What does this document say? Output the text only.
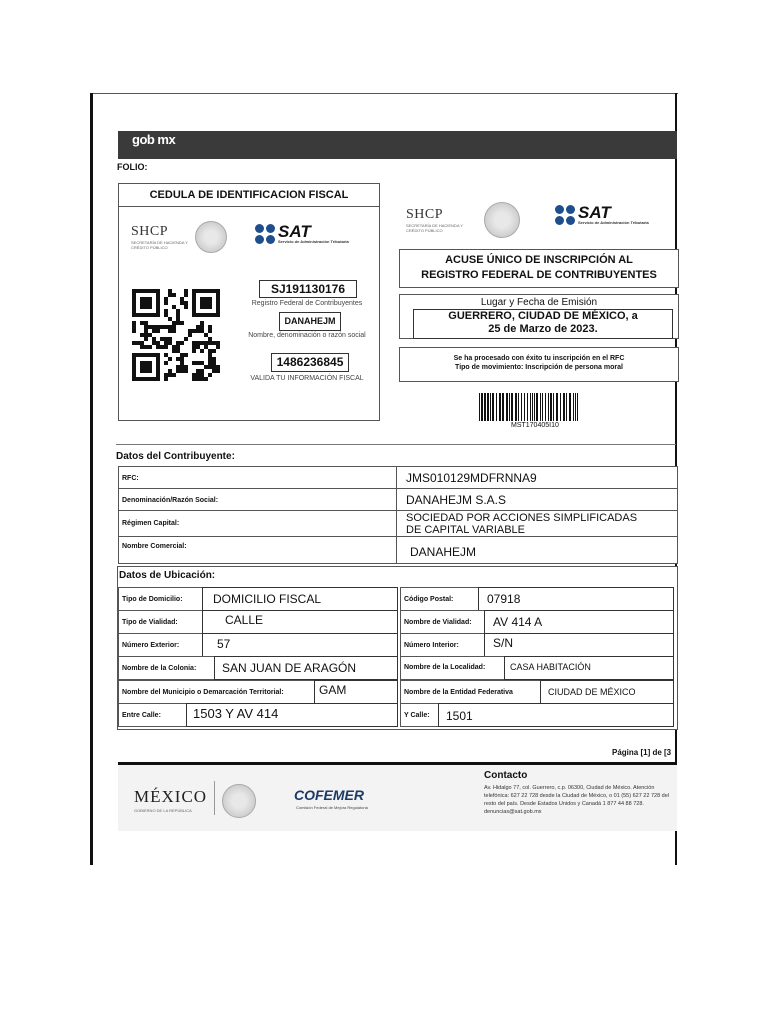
gob mx
FOLIO:
CEDULA DE IDENTIFICACION FISCAL
SHCP
SECRETARÍA DE HACIENDA Y CRÉDITO PÚBLICO
SAT
Servicio de Administración Tributaria
SJ191130176
Registro Federal de Contribuyentes
DANAHEJM
Nombre, denominación o razón social
1486236845
VALIDA TU INFORMACIÓN FISCAL
SHCP
SECRETARÍA DE HACIENDA Y CRÉDITO PÚBLICO
SAT
Servicio de Administración Tributaria
ACUSE ÚNICO DE INSCRIPCIÓN AL
REGISTRO FEDERAL DE CONTRIBUYENTES
Lugar y Fecha de Emisión
GUERRERO, CIUDAD DE MÉXICO, a
25 de Marzo de 2023.
Se ha procesado con éxito tu inscripción en el RFC
Tipo de movimiento: Inscripción de persona moral
MST170405I10
Datos del Contribuyente:
RFC:	JMS010129MDFRNNA9
Denominación/Razón Social:	DANAHEJM S.A.S
Régimen Capital:	SOCIEDAD POR ACCIONES SIMPLIFICADAS
DE CAPITAL VARIABLE
Nombre Comercial:	DANAHEJM
Datos de Ubicación:
Tipo de Domicilio:	DOMICILIO FISCAL	Código Postal:	07918
Tipo de Vialidad:	CALLE	Nombre de Vialidad: AV 414 A
Número Exterior:	57	Número Interior:	S/N
Nombre de la Colonia: SAN JUAN DE ARAGÓN	Nombre de la Localidad:	CASA HABITACIÓN
Nombre del Municipio o Demarcación Territorial:	GAM	Nombre de la Entidad Federativa	CIUDAD DE MÉXICO
Entre Calle: 1503 Y AV 414	Y Calle: 1501
Página [1] de [3
MÉXICO
GOBIERNO DE LA REPÚBLICA
COFEMER
Comisión Federal de Mejora Regulatoria
Contacto
Av. Hidalgo 77, col. Guerrero, c.p. 06300, Ciudad de México. Atención telefónica: 627 22 728 desde la Ciudad de México, o 01 (55) 627 22 728 del resto del país. Desde Estados Unidos y Canadá 1 877 44 88 728. denuncias@sat.gob.mx
